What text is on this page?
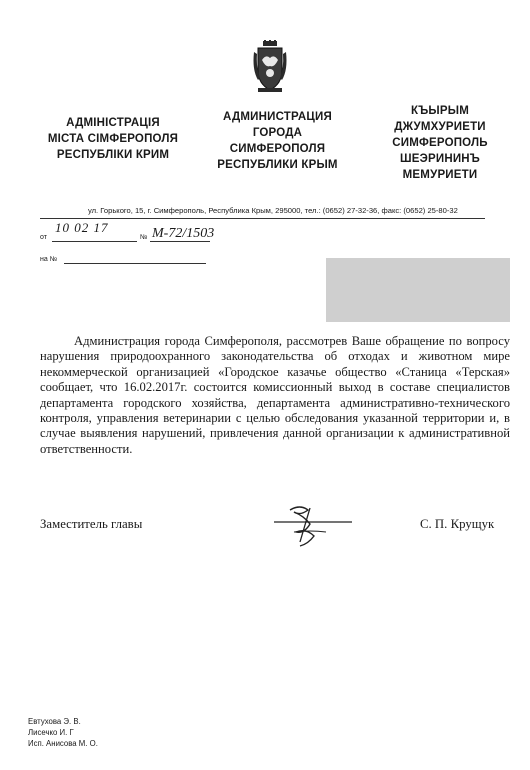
АДМІНІСТРАЦІЯ
МІСТА СІМФЕРОПОЛЯ
РЕСПУБЛІКИ КРИМ
АДМИНИСТРАЦИЯ
ГОРОДА
СИМФЕРОПОЛЯ
РЕСПУБЛИКИ КРЫМ
КЪЫРЫМ
ДЖУМХУРИЕТИ
СИМФЕРОПОЛЬ
ШЕЭРИНИНЪ
МЕМУРИЕТИ
ул. Горького, 15, г. Симферополь, Республика Крым, 295000, тел.: (0652) 27-32-36, факс: (0652) 25-80-32
от
10 02 17
№ М-72/1503
на №

Администрация города Симферополя, рассмотрев Ваше обращение по вопросу нарушения природоохранного законодательства об отходах и животном мире некоммерческой организацией «Городское казачье общество «Станица «Терская» сообщает, что 16.02.2017г. состоится комиссионный выход в составе специалистов департамента городского хозяйства, департамента административно-технического контроля, управления ветеринарии с целью обследования указанной территории и, в случае выявления нарушений, привлечения данной организации к административной ответственности.

Заместитель главы	С. П. Крущук
Евтухова Э. В.
Лисечко И. Г
Исп. Анисова М. О.
